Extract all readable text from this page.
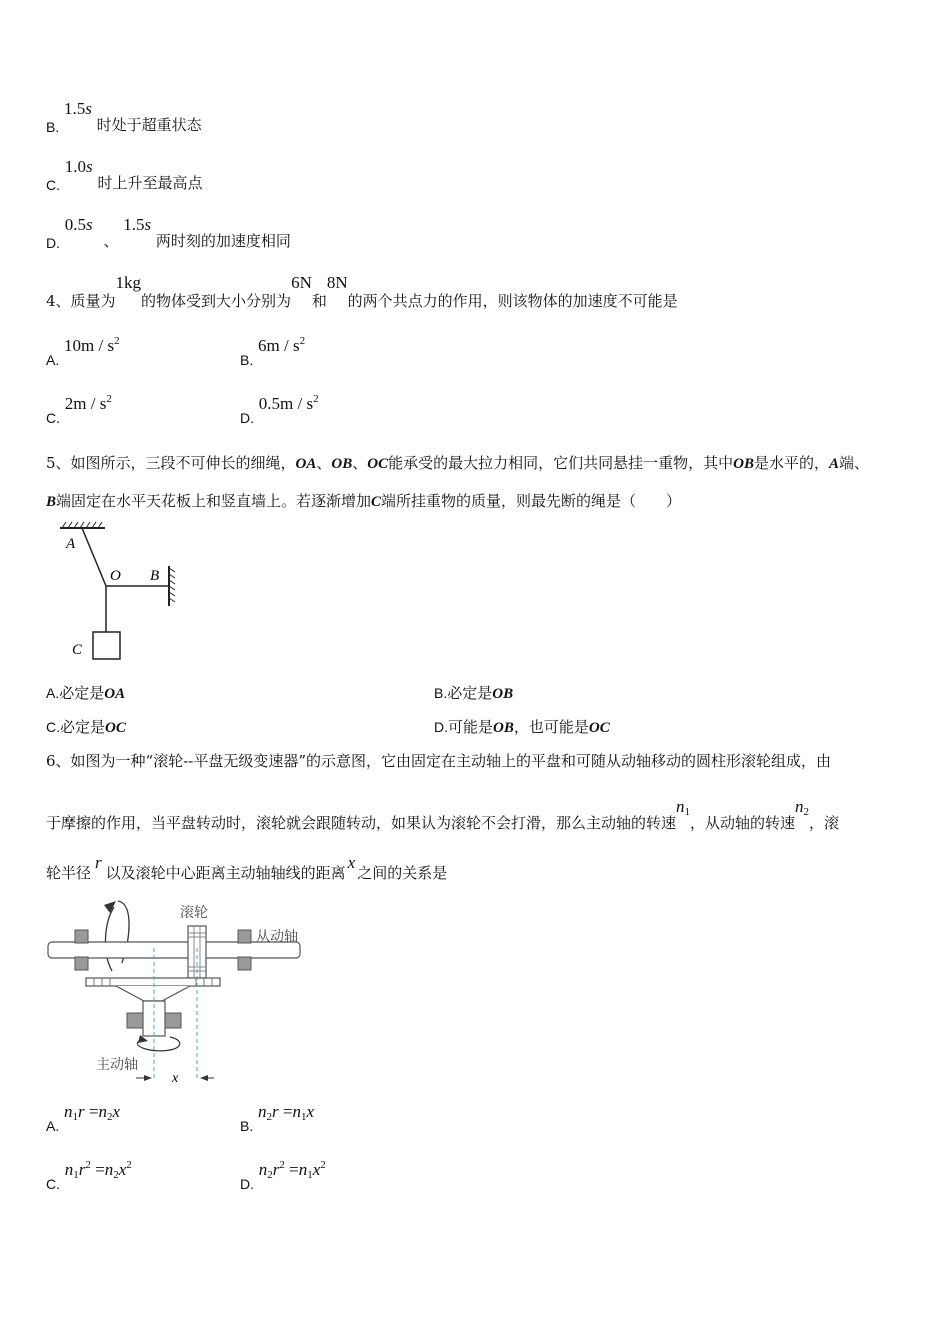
B. 1.5s 时处于超重状态
C. 1.0s 时上升至最高点
D. 0.5s 、 1.5s 两时刻的加速度相同
4、质量为1kg的物体受到大小分别为6N和8N的两个共点力的作用，则该物体的加速度不可能是
A. $10m / s^2$
B. $6m / s^2$
C. $2m / s^2$
D. $0.5m / s^2$
5、如图所示，三段不可伸长的细绳，OA、OB、OC能承受的最大拉力相同，它们共同悬挂一重物，其中OB是水平的，A端、
B端固定在水平天花板上和竖直墙上。若逐渐增加C端所挂重物的质量，则最先断的绳是（　　）
A
O B
C
A.必定是OA	B.必定是OB
C.必定是OC	D.可能是OB，也可能是OC
6、如图为一种“滚轮--平盘无级变速器”的示意图，它由固定在主动轴上的平盘和可随从动轴移动的圆柱形滚轮组成，由
于摩擦的作用，当平盘转动时，滚轮就会跟随转动，如果认为滚轮不会打滑，那么主动轴的转速n1，从动轴的转速n2，滚
轮半径r以及滚轮中心距离主动轴轴线的距离x之间的关系是
x
滚轮
从动轴
主动轴
A. n1r =n2x
B. n2r =n1x
C. $n1r^2 =n2x^2$
D. $n2r^2 =n1x^2$
